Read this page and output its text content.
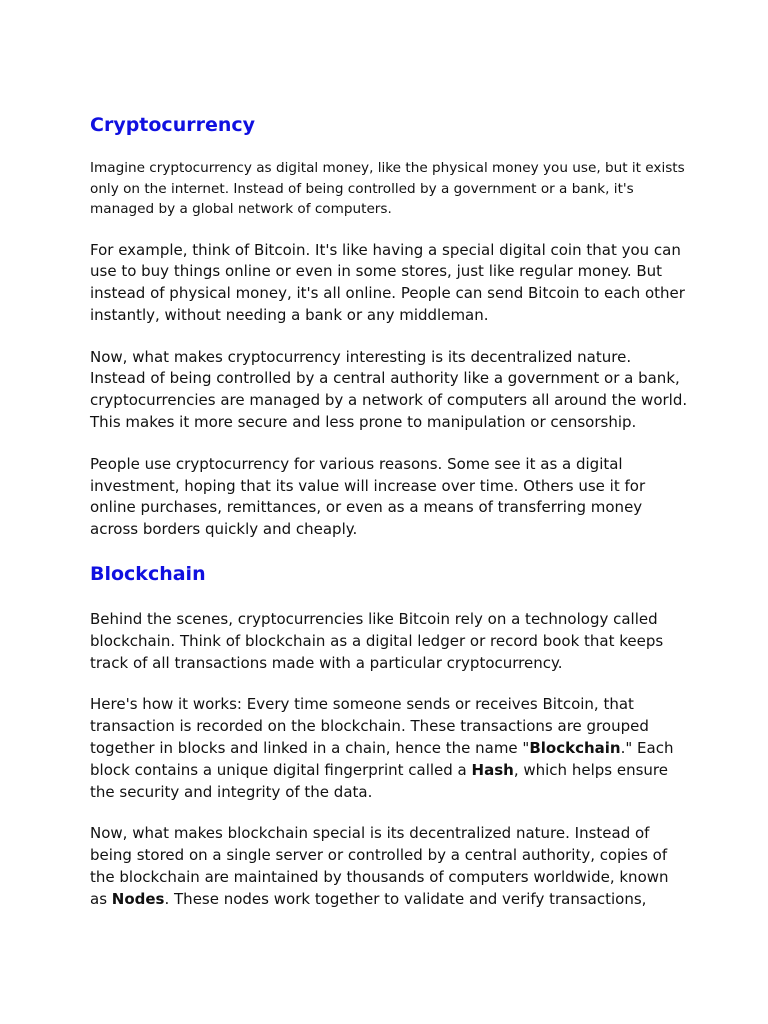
Cryptocurrency

Imagine cryptocurrency as digital money, like the physical money you use, but it exists only on the internet. Instead of being controlled by a government or a bank, it's managed by a global network of computers.

For example, think of Bitcoin. It's like having a special digital coin that you can use to buy things online or even in some stores, just like regular money. But instead of physical money, it's all online. People can send Bitcoin to each other instantly, without needing a bank or any middleman.

Now, what makes cryptocurrency interesting is its decentralized nature. Instead of being controlled by a central authority like a government or a bank, cryptocurrencies are managed by a network of computers all around the world. This makes it more secure and less prone to manipulation or censorship.

People use cryptocurrency for various reasons. Some see it as a digital investment, hoping that its value will increase over time. Others use it for online purchases, remittances, or even as a means of transferring money across borders quickly and cheaply.

Blockchain

Behind the scenes, cryptocurrencies like Bitcoin rely on a technology called blockchain. Think of blockchain as a digital ledger or record book that keeps track of all transactions made with a particular cryptocurrency.

Here's how it works: Every time someone sends or receives Bitcoin, that transaction is recorded on the blockchain. These transactions are grouped together in blocks and linked in a chain, hence the name "Blockchain." Each block contains a unique digital fingerprint called a Hash, which helps ensure the security and integrity of the data.

Now, what makes blockchain special is its decentralized nature. Instead of being stored on a single server or controlled by a central authority, copies of the blockchain are maintained by thousands of computers worldwide, known as Nodes. These nodes work together to validate and verify transactions,
